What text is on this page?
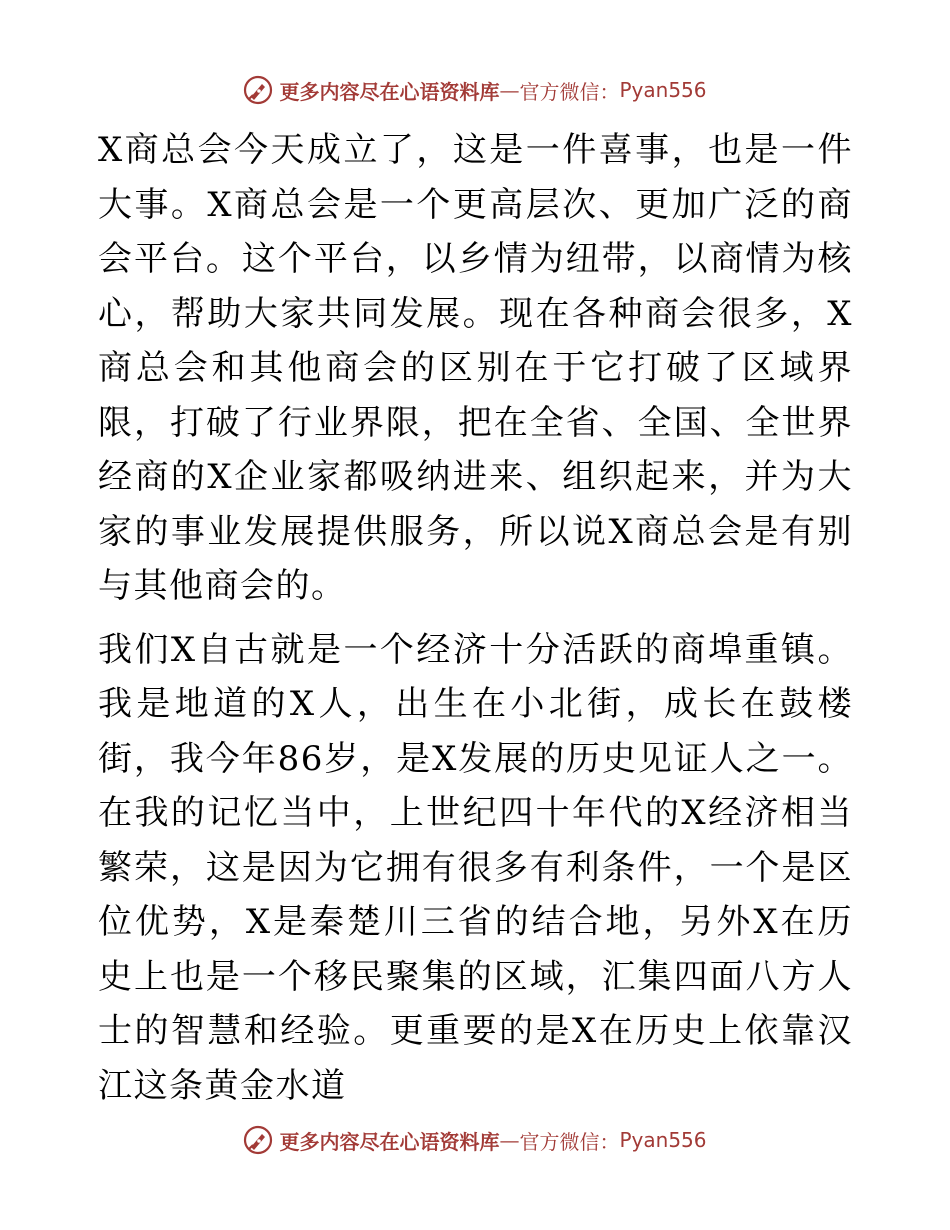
更多内容尽在心语资料库 — 官方微信： Pyan556

X商总会今天成立了，这是一件喜事，也是一件大事。X商总会是一个更高层次、更加广泛的商会平台。这个平台，以乡情为纽带，以商情为核心，帮助大家共同发展。现在各种商会很多，X商总会和其他商会的区别在于它打破了区域界限，打破了行业界限，把在全省、全国、全世界经商的X企业家都吸纳进来、组织起来，并为大家的事业发展提供服务，所以说X商总会是有别与其他商会的。

我们X自古就是一个经济十分活跃的商埠重镇。我是地道的X人，出生在小北街，成长在鼓楼街，我今年86岁，是X发展的历史见证人之一。在我的记忆当中，上世纪四十年代的X经济相当繁荣，这是因为它拥有很多有利条件，一个是区位优势，X是秦楚川三省的结合地，另外X在历史上也是一个移民聚集的区域，汇集四面八方人士的智慧和经验。更重要的是X在历史上依靠汉江这条黄金水道

更多内容尽在心语资料库 — 官方微信： Pyan556
